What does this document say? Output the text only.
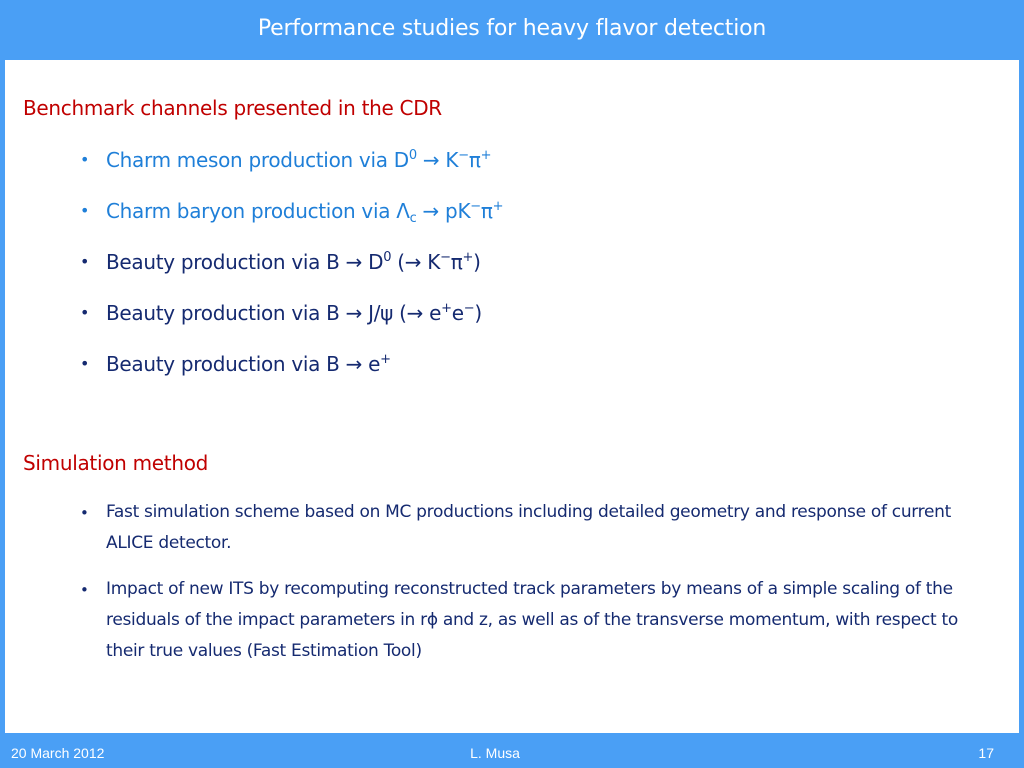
Performance studies for heavy flavor detection
Benchmark channels presented in the CDR
• Charm meson production via $D^0 \to K^-\pi^+$
• Charm baryon production via $\Lambda_c \to pK^-\pi^+$
• Beauty production via $B \to D^0$ (→ K−π+)
• Beauty production via B → J/ψ (→ e+e−)
• Beauty production via B → e+
Simulation method
• Fast simulation scheme based on MC productions including detailed geometry and response of current ALICE detector.
• Impact of new ITS by recomputing reconstructed track parameters by means of a simple scaling of the residuals of the impact parameters in rϕ and z, as well as of the transverse momentum, with respect to their true values (Fast Estimation Tool)
20 March 2012	L. Musa	17
